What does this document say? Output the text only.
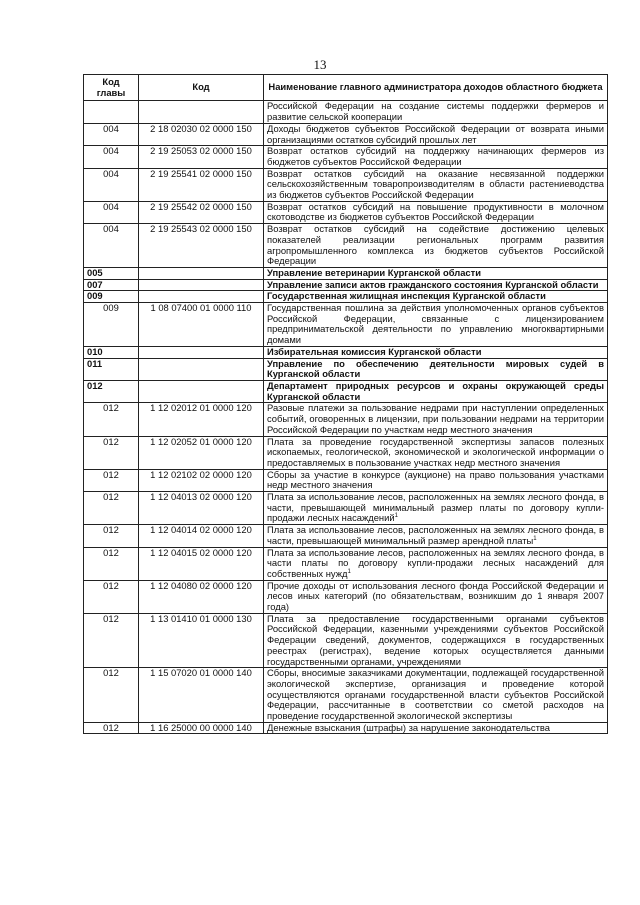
13
Код главы	Код	Наименование главного администратора доходов областного бюджета
		Российской Федерации на создание системы поддержки фермеров и развитие сельской кооперации
004	2 18 02030 02 0000 150	Доходы бюджетов субъектов Российской Федерации от возврата иными организациями остатков субсидий прошлых лет
004	2 19 25053 02 0000 150	Возврат остатков субсидий на поддержку начинающих фермеров из бюджетов субъектов Российской Федерации
004	2 19 25541 02 0000 150	Возврат остатков субсидий на оказание несвязанной поддержки сельскохозяйственным товаропроизводителям в области растениеводства из бюджетов субъектов Российской Федерации
004	2 19 25542 02 0000 150	Возврат остатков субсидий на повышение продуктивности в молочном скотоводстве из бюджетов субъектов Российской Федерации
004	2 19 25543 02 0000 150	Возврат остатков субсидий на содействие достижению целевых показателей реализации региональных программ развития агропромышленного комплекса из бюджетов субъектов Российской Федерации
005		Управление ветеринарии Курганской области
007		Управление записи актов гражданского состояния Курганской области
009		Государственная жилищная инспекция Курганской области
009	1 08 07400 01 0000 110	Государственная пошлина за действия уполномоченных органов субъектов Российской Федерации, связанные с лицензированием предпринимательской деятельности по управлению многоквартирными домами
010		Избирательная комиссия Курганской области
011		Управление по обеспечению деятельности мировых судей в Курганской области
012		Департамент природных ресурсов и охраны окружающей среды Курганской области
012	1 12 02012 01 0000 120	Разовые платежи за пользование недрами при наступлении определенных событий, оговоренных в лицензии, при пользовании недрами на территории Российской Федерации по участкам недр местного значения
012	1 12 02052 01 0000 120	Плата за проведение государственной экспертизы запасов полезных ископаемых, геологической, экономической и экологической информации о предоставляемых в пользование участках недр местного значения
012	1 12 02102 02 0000 120	Сборы за участие в конкурсе (аукционе) на право пользования участками недр местного значения
012	1 12 04013 02 0000 120	Плата за использование лесов, расположенных на землях лесного фонда, в части, превышающей минимальный размер платы по договору купли-продажи лесных насаждений$^1$
012	1 12 04014 02 0000 120	Плата за использование лесов, расположенных на землях лесного фонда, в части, превышающей минимальный размер арендной платы$^1$
012	1 12 04015 02 0000 120	Плата за использование лесов, расположенных на землях лесного фонда, в части платы по договору купли-продажи лесных насаждений для собственных нужд$^1$
012	1 12 04080 02 0000 120	Прочие доходы от использования лесного фонда Российской Федерации и лесов иных категорий (по обязательствам, возникшим до 1 января 2007 года)
012	1 13 01410 01 0000 130	Плата за предоставление государственными органами субъектов Российской Федерации, казенными учреждениями субъектов Российской Федерации сведений, документов, содержащихся в государственных реестрах (регистрах), ведение которых осуществляется данными государственными органами, учреждениями
012	1 15 07020 01 0000 140	Сборы, вносимые заказчиками документации, подлежащей государственной экологической экспертизе, организация и проведение которой осуществляются органами государственной власти субъектов Российской Федерации, рассчитанные в соответствии со сметой расходов на проведение государственной экологической экспертизы
012	1 16 25000 00 0000 140	Денежные взыскания (штрафы) за нарушение законодательства
